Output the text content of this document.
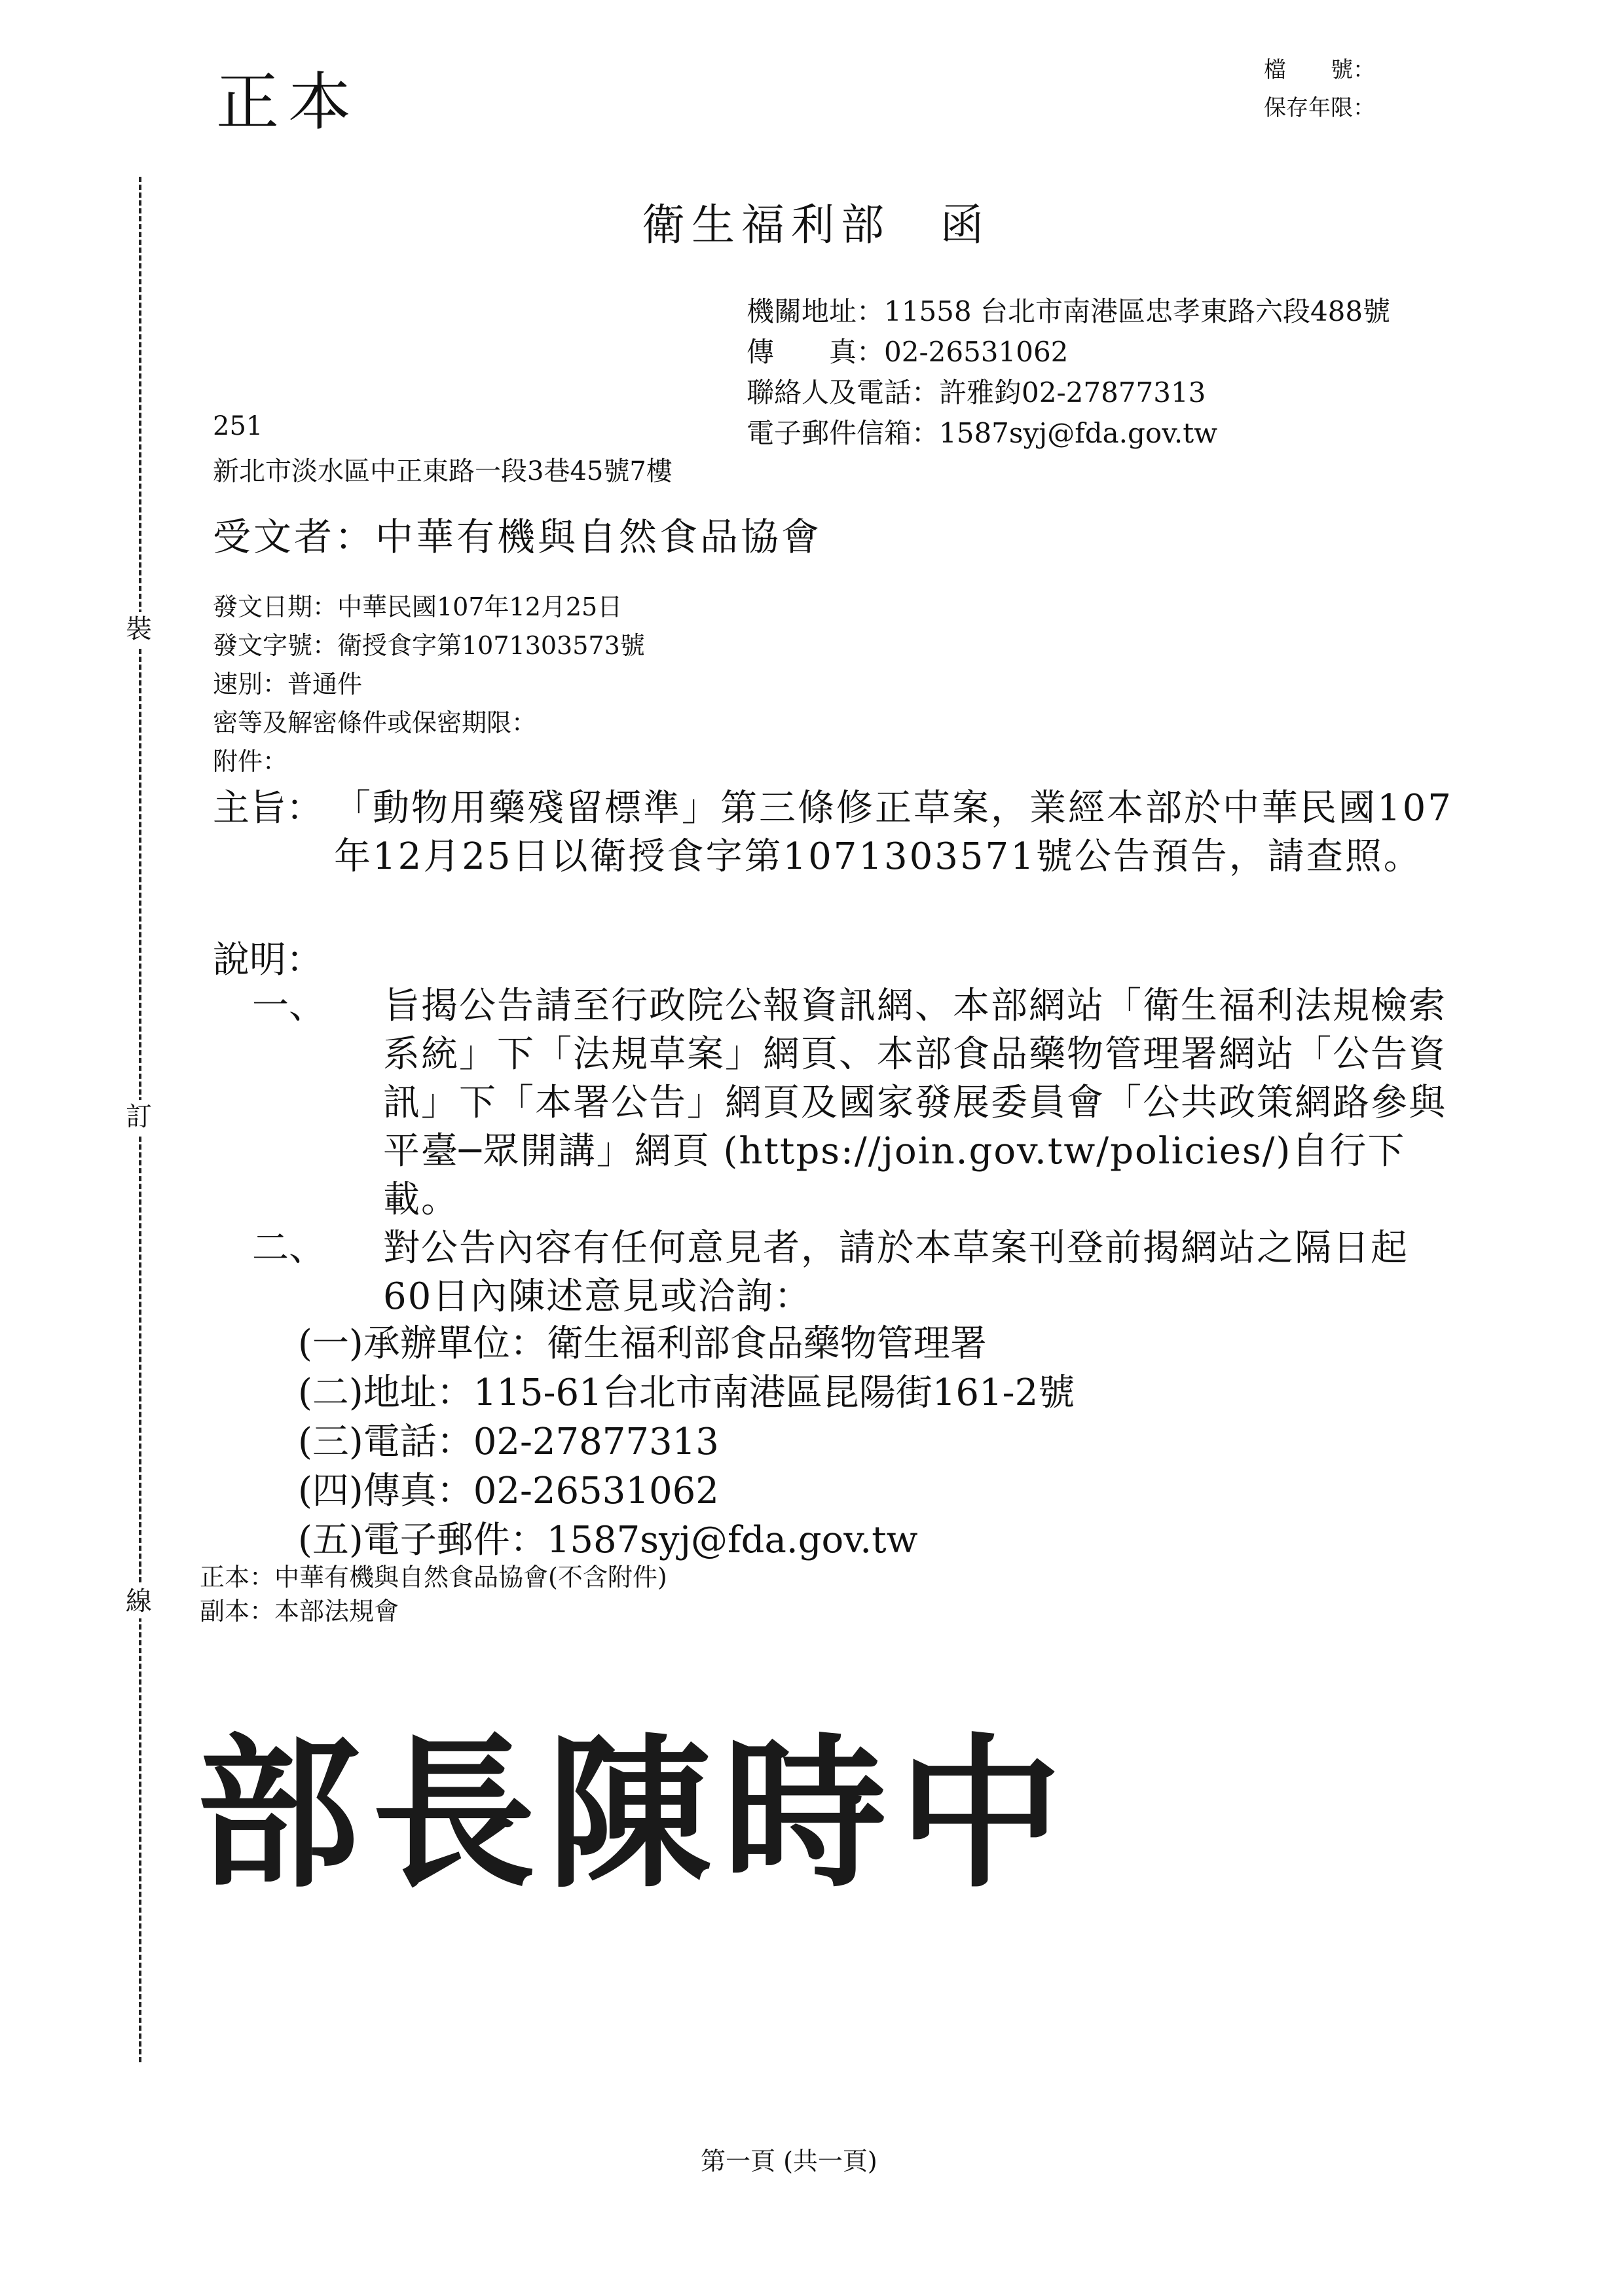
正本	檔　　號：
保存年限：
裝
訂
線
衛生福利部　函
機關地址：11558 台北市南港區忠孝東路六段488號
傳　　真：02-26531062
聯絡人及電話：許雅鈞02-27877313
電子郵件信箱：1587syj@fda.gov.tw
251
新北市淡水區中正東路一段3巷45號7樓
受文者：中華有機與自然食品協會
發文日期：中華民國107年12月25日
發文字號：衛授食字第1071303573號
速別：普通件
密等及解密條件或保密期限：
附件：
主旨： 「動物用藥殘留標準」第三條修正草案，業經本部於中華民國107年12月25日以衛授食字第1071303571號公告預告，請查照。
說明：
一、 旨揭公告請至行政院公報資訊網、本部網站「衛生福利法規檢索系統」下「法規草案」網頁、本部食品藥物管理署網站「公告資訊」下「本署公告」網頁及國家發展委員會「公共政策網路參與平臺─眾開講」網頁 (https://join.gov.tw/policies/)自行下載。
二、 對公告內容有任何意見者，請於本草案刊登前揭網站之隔日起60日內陳述意見或洽詢：
(一)承辦單位：衛生福利部食品藥物管理署
(二)地址：115-61台北市南港區昆陽街161-2號
(三)電話：02-27877313
(四)傳真：02-26531062
(五)電子郵件：1587syj@fda.gov.tw
正本：中華有機與自然食品協會(不含附件)
副本：本部法規會
部長陳時中
第一頁 (共一頁)
